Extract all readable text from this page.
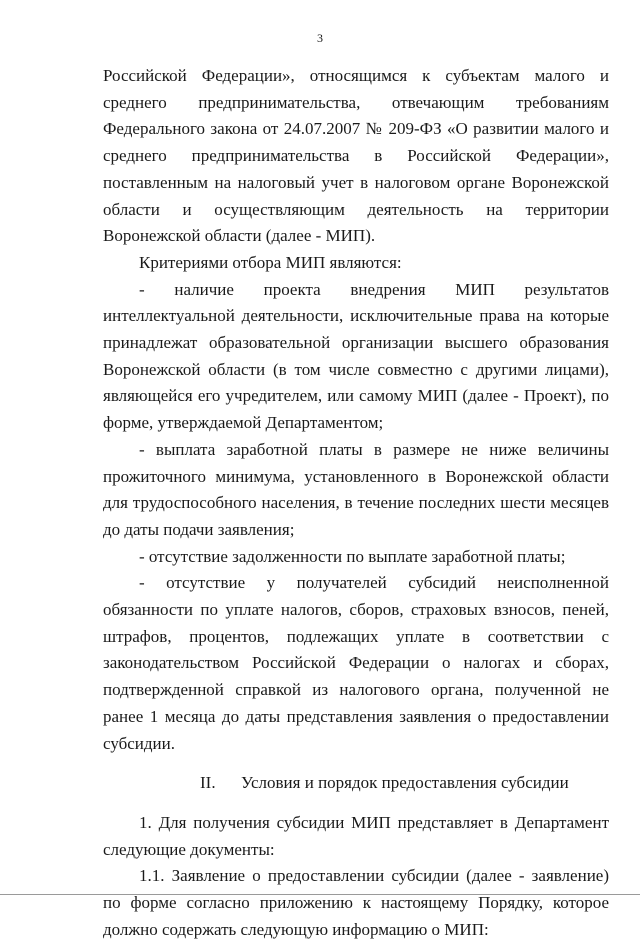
3

Российской Федерации», относящимся к субъектам малого и среднего предпринимательства, отвечающим требованиям Федерального закона от 24.07.2007 № 209-ФЗ «О развитии малого и среднего предпринимательства в Российской Федерации», поставленным на налоговый учет в налоговом органе Воронежской области и осуществляющим деятельность на территории Воронежской области (далее - МИП).

Критериями отбора МИП являются:

- наличие проекта внедрения МИП результатов интеллектуальной деятельности, исключительные права на которые принадлежат образовательной организации высшего образования Воронежской области (в том числе совместно с другими лицами), являющейся его учредителем, или самому МИП (далее - Проект), по форме, утверждаемой Департаментом;

- выплата заработной платы в размере не ниже величины прожиточного минимума, установленного в Воронежской области для трудоспособного населения, в течение последних шести месяцев до даты подачи заявления;

- отсутствие задолженности по выплате заработной платы;

- отсутствие у получателей субсидий неисполненной обязанности по уплате налогов, сборов, страховых взносов, пеней, штрафов, процентов, подлежащих уплате в соответствии с законодательством Российской Федерации о налогах и сборах, подтвержденной справкой из налогового органа, полученной не ранее 1 месяца до даты представления заявления о предоставлении субсидии.

II. Условия и порядок предоставления субсидии

1. Для получения субсидии МИП представляет в Департамент следующие документы:

1.1. Заявление о предоставлении субсидии (далее - заявление) по форме согласно приложению к настоящему Порядку, которое должно содержать следующую информацию о МИП:
